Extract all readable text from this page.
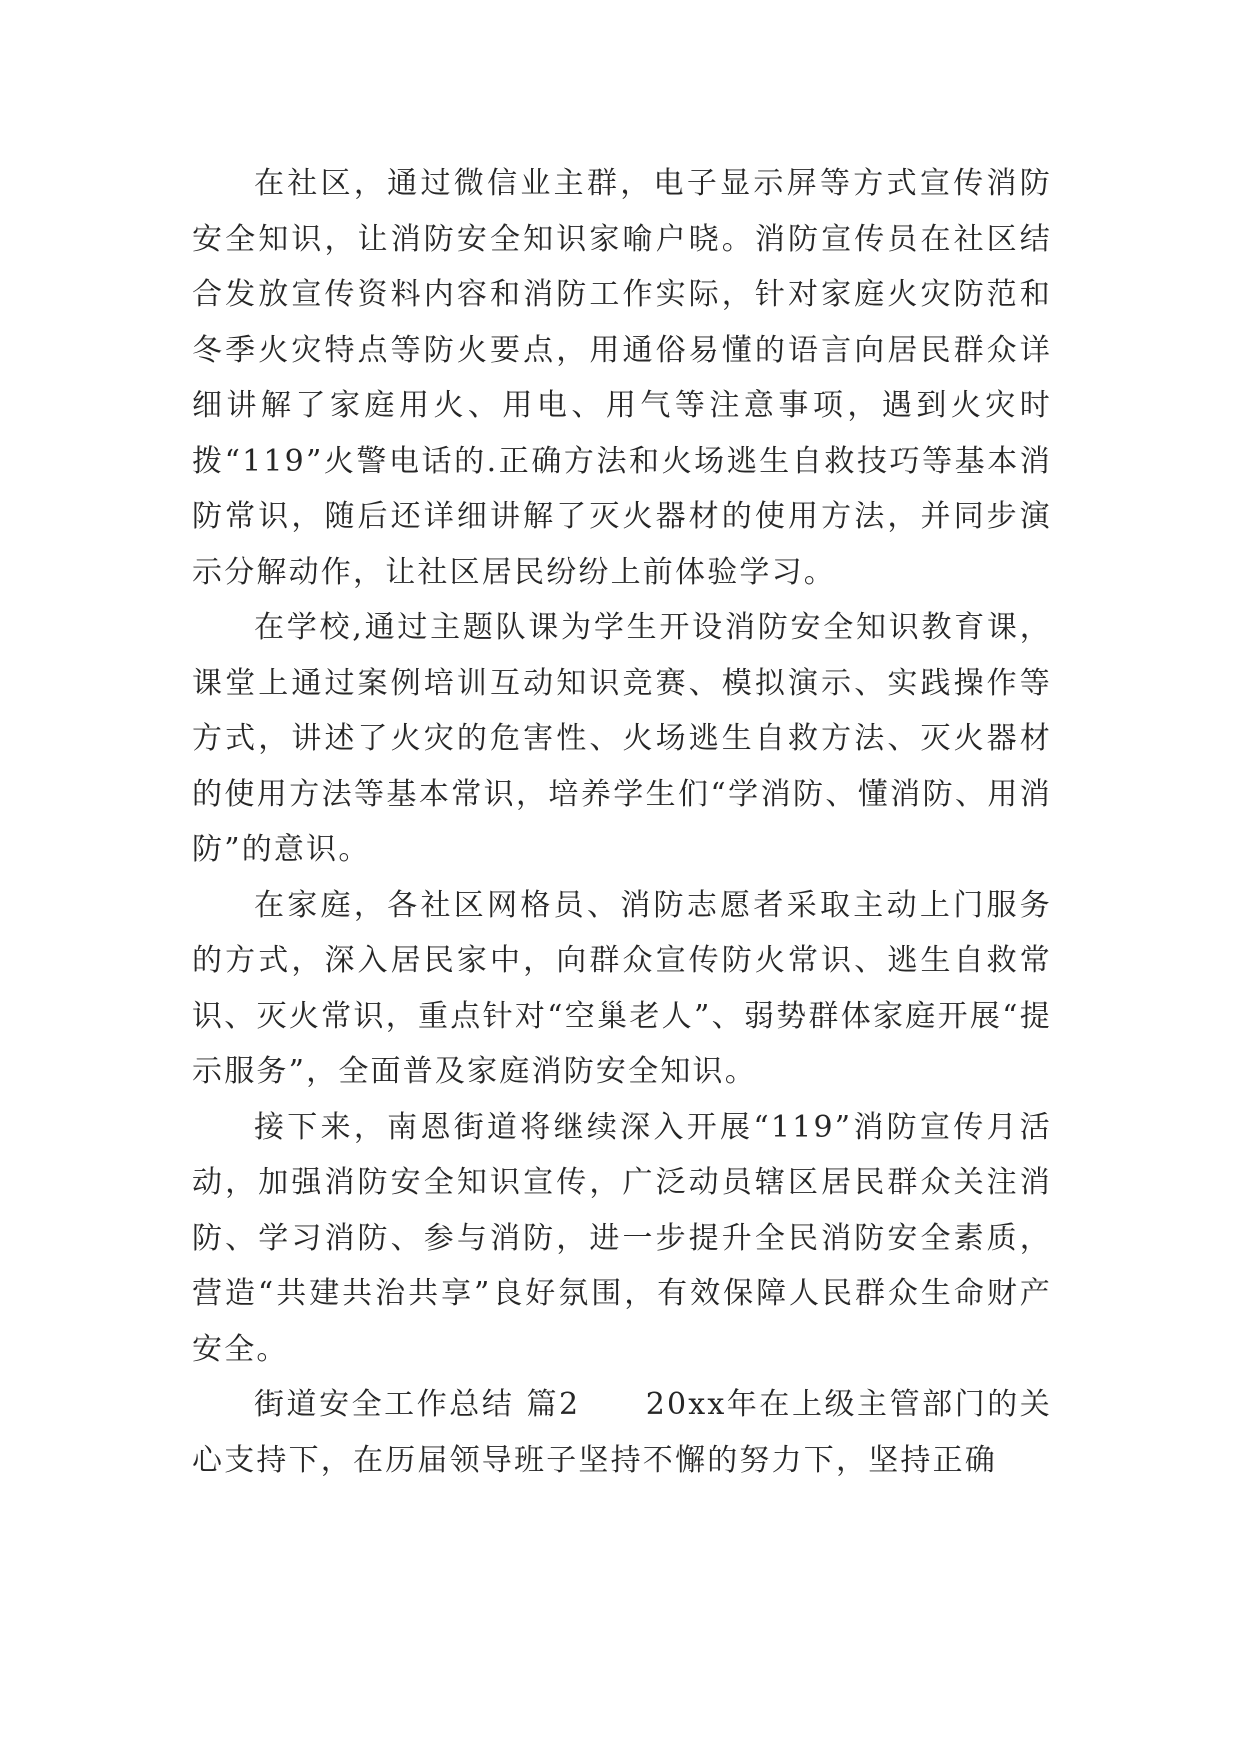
在社区，通过微信业主群，电子显示屏等方式宣传消防安全知识，让消防安全知识家喻户晓。消防宣传员在社区结合发放宣传资料内容和消防工作实际，针对家庭火灾防范和冬季火灾特点等防火要点，用通俗易懂的语言向居民群众详细讲解了家庭用火、用电、用气等注意事项，遇到火灾时拨“119”火警电话的.正确方法和火场逃生自救技巧等基本消防常识，随后还详细讲解了灭火器材的使用方法，并同步演示分解动作，让社区居民纷纷上前体验学习。

在学校,通过主题队课为学生开设消防安全知识教育课，课堂上通过案例培训互动知识竞赛、模拟演示、实践操作等方式，讲述了火灾的危害性、火场逃生自救方法、灭火器材的使用方法等基本常识，培养学生们“学消防、懂消防、用消防”的意识。

在家庭，各社区网格员、消防志愿者采取主动上门服务的方式，深入居民家中，向群众宣传防火常识、逃生自救常识、灭火常识，重点针对“空巢老人”、弱势群体家庭开展“提示服务”，全面普及家庭消防安全知识。

接下来，南恩街道将继续深入开展“119”消防宣传月活动，加强消防安全知识宣传，广泛动员辖区居民群众关注消防、学习消防、参与消防，进一步提升全民消防安全素质，营造“共建共治共享”良好氛围，有效保障人民群众生命财产安全。

街道安全工作总结 篇2　　20xx年在上级主管部门的关心支持下，在历届领导班子坚持不懈的努力下，坚持正确
